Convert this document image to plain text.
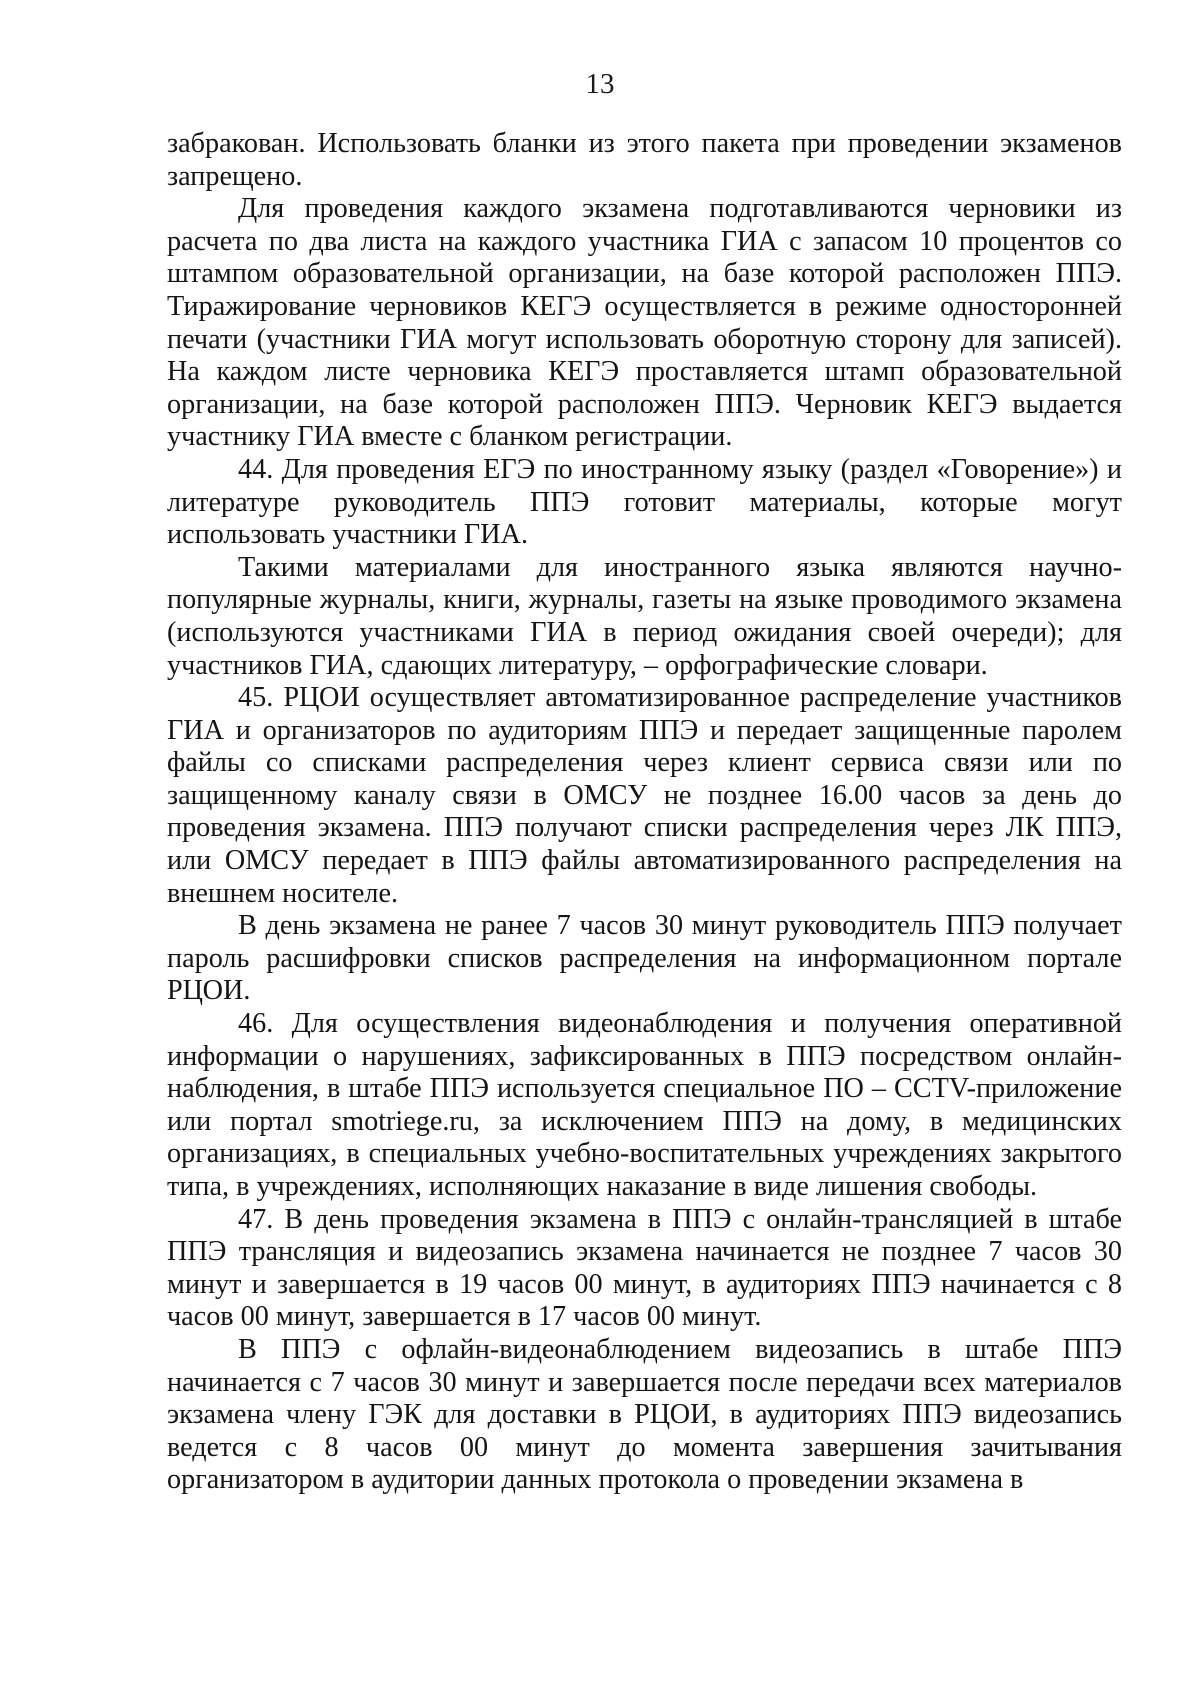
13

забракован. Использовать бланки из этого пакета при проведении экзаменов запрещено.

Для проведения каждого экзамена подготавливаются черновики из расчета по два листа на каждого участника ГИА с запасом 10 процентов со штампом образовательной организации, на базе которой расположен ППЭ. Тиражирование черновиков КЕГЭ осуществляется в режиме односторонней печати (участники ГИА могут использовать оборотную сторону для записей). На каждом листе черновика КЕГЭ проставляется штамп образовательной организации, на базе которой расположен ППЭ. Черновик КЕГЭ выдается участнику ГИА вместе с бланком регистрации.

44. Для проведения ЕГЭ по иностранному языку (раздел «Говорение») и литературе руководитель ППЭ готовит материалы, которые могут использовать участники ГИА.

Такими материалами для иностранного языка являются научно-популярные журналы, книги, журналы, газеты на языке проводимого экзамена (используются участниками ГИА в период ожидания своей очереди); для участников ГИА, сдающих литературу, – орфографические словари.

45. РЦОИ осуществляет автоматизированное распределение участников ГИА и организаторов по аудиториям ППЭ и передает защищенные паролем файлы со списками распределения через клиент сервиса связи или по защищенному каналу связи в ОМСУ не позднее 16.00 часов за день до проведения экзамена. ППЭ получают списки распределения через ЛК ППЭ, или ОМСУ передает в ППЭ файлы автоматизированного распределения на внешнем носителе.

В день экзамена не ранее 7 часов 30 минут руководитель ППЭ получает пароль расшифровки списков распределения на информационном портале РЦОИ.

46. Для осуществления видеонаблюдения и получения оперативной информации о нарушениях, зафиксированных в ППЭ посредством онлайн-наблюдения, в штабе ППЭ используется специальное ПО – CCTV-приложение или портал smotriege.ru, за исключением ППЭ на дому, в медицинских организациях, в специальных учебно-воспитательных учреждениях закрытого типа, в учреждениях, исполняющих наказание в виде лишения свободы.

47. В день проведения экзамена в ППЭ с онлайн-трансляцией в штабе ППЭ трансляция и видеозапись экзамена начинается не позднее 7 часов 30 минут и завершается в 19 часов 00 минут, в аудиториях ППЭ начинается с 8 часов 00 минут, завершается в 17 часов 00 минут.

В ППЭ с офлайн-видеонаблюдением видеозапись в штабе ППЭ начинается с 7 часов 30 минут и завершается после передачи всех материалов экзамена члену ГЭК для доставки в РЦОИ, в аудиториях ППЭ видеозапись ведется с 8 часов 00 минут до момента завершения зачитывания организатором в аудитории данных протокола о проведении экзамена в
